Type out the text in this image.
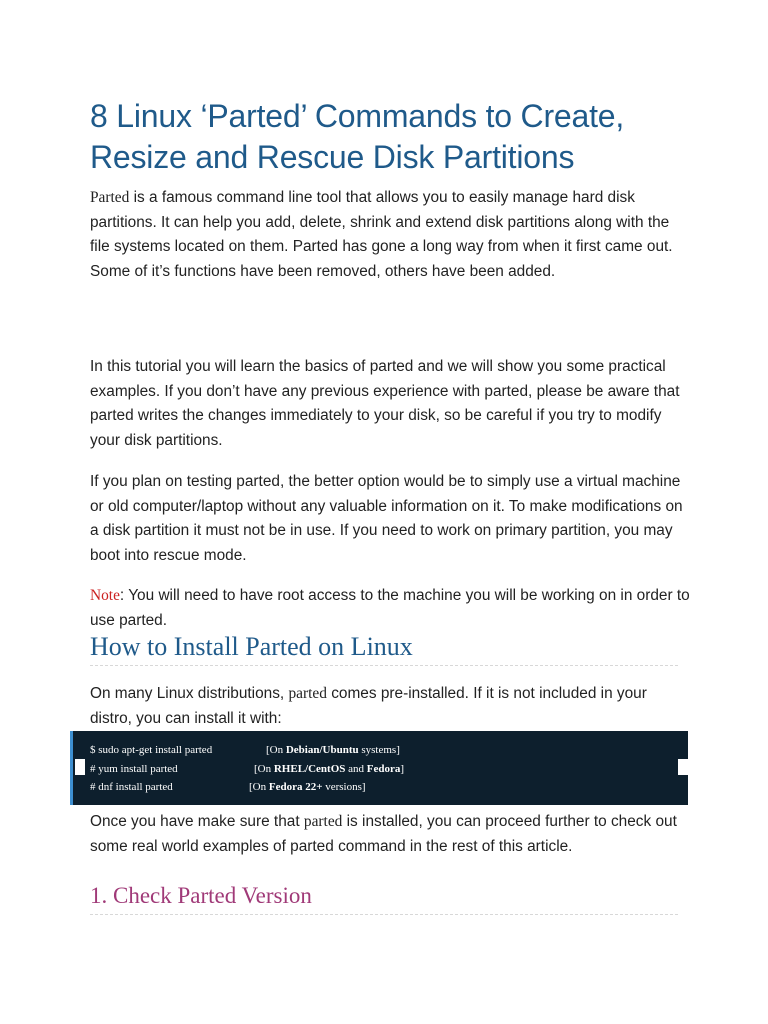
8 Linux ‘Parted’ Commands to Create, Resize and Rescue Disk Partitions

Parted is a famous command line tool that allows you to easily manage hard disk partitions. It can help you add, delete, shrink and extend disk partitions along with the file systems located on them. Parted has gone a long way from when it first came out. Some of it’s functions have been removed, others have been added.

In this tutorial you will learn the basics of parted and we will show you some practical examples. If you don’t have any previous experience with parted, please be aware that parted writes the changes immediately to your disk, so be careful if you try to modify your disk partitions.

If you plan on testing parted, the better option would be to simply use a virtual machine or old computer/laptop without any valuable information on it. To make modifications on a disk partition it must not be in use. If you need to work on primary partition, you may boot into rescue mode.

Note: You will need to have root access to the machine you will be working on in order to use parted.

How to Install Parted on Linux

On many Linux distributions, parted comes pre-installed. If it is not included in your distro, you can install it with:

$ sudo apt-get install parted	[On Debian/Ubuntu systems]
# yum install parted	[On RHEL/CentOS and Fedora]
# dnf install parted	[On Fedora 22+ versions]

Once you have make sure that parted is installed, you can proceed further to check out some real world examples of parted command in the rest of this article.

1. Check Parted Version
